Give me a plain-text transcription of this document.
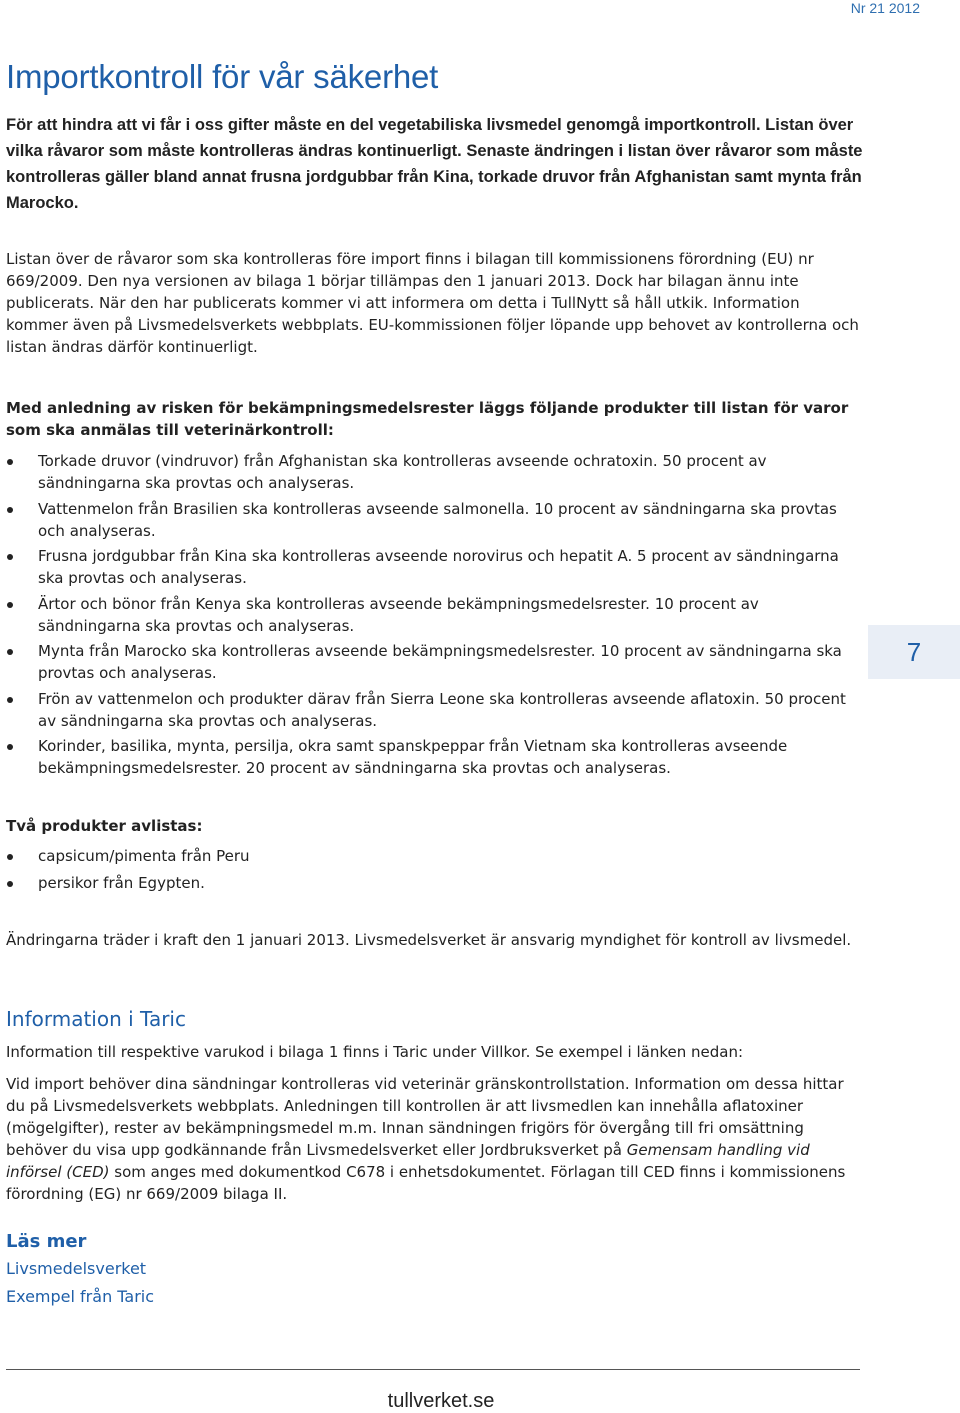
Nr 21 2012
Importkontroll för vår säkerhet

För att hindra att vi får i oss gifter måste en del vegetabiliska livsmedel genomgå importkontroll. Listan över vilka råvaror som måste kontrolleras ändras kontinuerligt. Senaste ändringen i listan över råvaror som måste kontrolleras gäller bland annat frusna jordgubbar från Kina, torkade druvor från Afghanistan samt mynta från Marocko.

Listan över de råvaror som ska kontrolleras före import finns i bilagan till kommissionens förordning (EU) nr 669/2009. Den nya versionen av bilaga 1 börjar tillämpas den 1 januari 2013. Dock har bilagan ännu inte publicerats. När den har publicerats kommer vi att informera om detta i TullNytt så håll utkik. Information kommer även på Livsmedelsverkets webbplats. EU-kommissionen följer löpande upp behovet av kontrollerna och listan ändras därför kontinuerligt.

Med anledning av risken för bekämpningsmedelsrester läggs följande produkter till listan för varor som ska anmälas till veterinärkontroll:

Torkade druvor (vindruvor) från Afghanistan ska kontrolleras avseende ochratoxin. 50 procent av sändningarna ska provtas och analyseras.
Vattenmelon från Brasilien ska kontrolleras avseende salmonella. 10 procent av sändningarna ska provtas och analyseras.
Frusna jordgubbar från Kina ska kontrolleras avseende norovirus och hepatit A. 5 procent av sändningarna ska provtas och analyseras.
Ärtor och bönor från Kenya ska kontrolleras avseende bekämpningsmedelsrester. 10 procent av sändningarna ska provtas och analyseras.
Mynta från Marocko ska kontrolleras avseende bekämpningsmedelsrester. 10 procent av sändningarna ska provtas och analyseras.
Frön av vattenmelon och produkter därav från Sierra Leone ska kontrolleras avseende aflatoxin. 50 procent av sändningarna ska provtas och analyseras.
Korinder, basilika, mynta, persilja, okra samt spanskpeppar från Vietnam ska kontrolleras avseende bekämpningsmedelsrester. 20 procent av sändningarna ska provtas och analyseras.
7

Två produkter avlistas:

capsicum/pimenta från Peru
persikor från Egypten.

Ändringarna träder i kraft den 1 januari 2013. Livsmedelsverket är ansvarig myndighet för kontroll av livsmedel.

Information i Taric

Information till respektive varukod i bilaga 1 finns i Taric under Villkor. Se exempel i länken nedan:

Vid import behöver dina sändningar kontrolleras vid veterinär gränskontrollstation. Information om dessa hittar du på Livsmedelsverkets webbplats. Anledningen till kontrollen är att livsmedlen kan innehålla aflatoxiner (mögelgifter), rester av bekämpningsmedel m.m. Innan sändningen frigörs för övergång till fri omsättning behöver du visa upp godkännande från Livsmedelsverket eller Jordbruksverket på Gemensam handling vid införsel (CED) som anges med dokumentkod C678 i enhetsdokumentet. Förlagan till CED finns i kommissionens förordning (EG) nr 669/2009 bilaga II.

Läs mer
Livsmedelsverket
Exempel från Taric
tullverket.se
